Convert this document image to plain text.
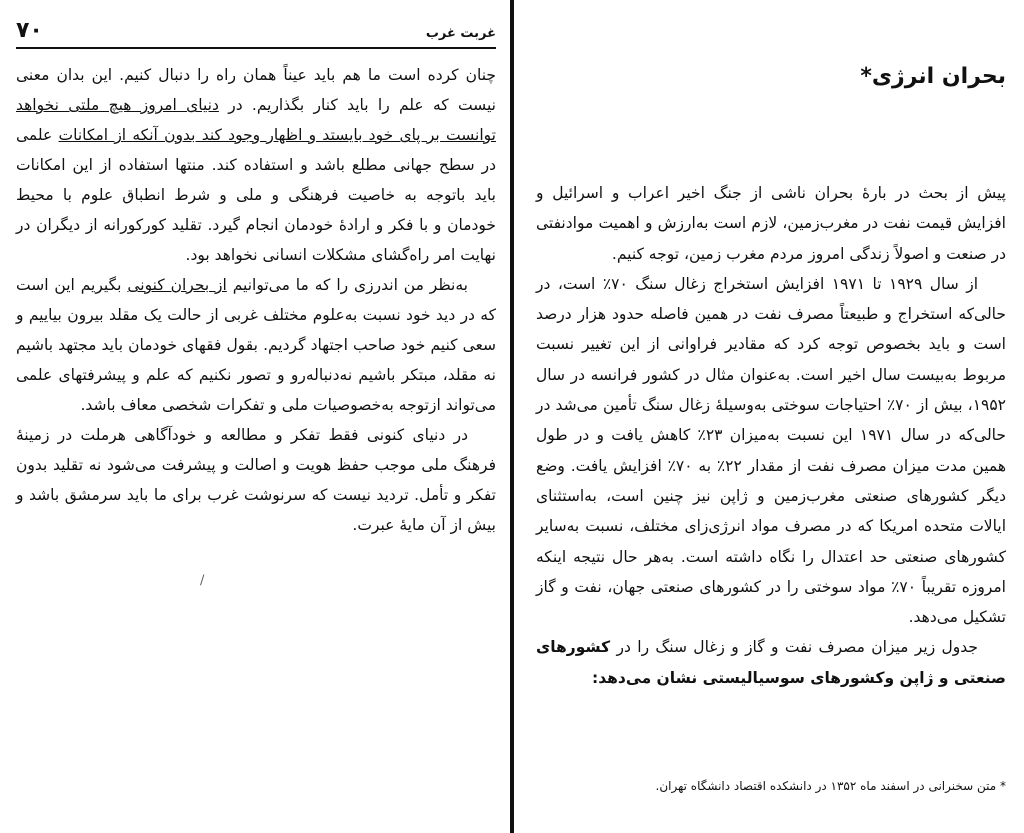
غربت غرب
۷۰

چنان کرده است ما هم باید عیناً همان راه را دنبال کنیم. این بدان معنی نیست که علم را باید کنار بگذاریم. در دنیای امروز هیچ ملتی نخواهد توانست بر پای خود بایستد و اظهار وجود کند بدون آنکه از امکانات علمی در سطح جهانی مطلع باشد و استفاده کند. منتها استفاده از این امکانات باید باتوجه به خاصیت فرهنگی و ملی و شرط انطباق علوم با محیط خودمان و با فکر و ارادهٔ خودمان انجام گیرد. تقلید کورکورانه از دیگران در نهایت امر راه‌گشای مشکلات انسانی نخواهد بود.

به‌نظر من اندرزی را که ما می‌توانیم از بحران کنونی بگیریم این است که در دید خود نسبت به‌علوم مختلف غربی از حالت یک مقلد بیرون بیاییم و سعی کنیم خود صاحب اجتهاد گردیم. بقول فقهای خودمان باید مجتهد باشیم نه مقلد، مبتکر باشیم نه‌دنباله‌رو و تصور نکنیم که علم و پیشرفتهای علمی می‌تواند ازتوجه به‌خصوصیات ملی و تفکرات شخصی معاف باشد.

در دنیای کنونی فقط تفکر و مطالعه و خودآگاهی هرملت در زمینهٔ فرهنگ ملی موجب حفظ هویت و اصالت و پیشرفت می‌شود نه تقلید بدون تفکر و تأمل. تردید نیست که سرنوشت غرب برای ما باید سرمشق باشد و بیش از آن مایهٔ عبرت.

/
بحران انرژی*

پیش از بحث در بارهٔ بحران ناشی از جنگ اخیر اعراب و اسرائیل و افزایش قیمت نفت در مغرب‌زمین، لازم است به‌ارزش و اهمیت موادنفتی در صنعت و اصولاً زندگی امروز مردم مغرب زمین، توجه کنیم.

از سال ۱۹۲۹ تا ۱۹۷۱ افزایش استخراج زغال سنگ ۷۰٪ است، در حالی‌که استخراج و طبیعتاً مصرف نفت در همین فاصله حدود هزار درصد است و باید بخصوص توجه کرد که مقادیر فراوانی از این تغییر نسبت مربوط به‌بیست سال اخیر است. به‌عنوان مثال در کشور فرانسه در سال ۱۹۵۲، بیش از ۷۰٪ احتیاجات سوختی به‌وسیلهٔ زغال سنگ تأمین می‌شد در حالی‌که در سال ۱۹۷۱ این نسبت به‌میزان ۲۳٪ کاهش یافت و در طول همین مدت میزان مصرف نفت از مقدار ۲۲٪ به ۷۰٪ افزایش یافت. وضع دیگر کشورهای صنعتی مغرب‌زمین و ژاپن نیز چنین است، به‌استثنای ایالات متحده امریکا که در مصرف مواد انرژی‌زای مختلف، نسبت به‌سایر کشورهای صنعتی حد اعتدال را نگاه داشته است. به‌هر حال نتیجه اینکه امروزه تقریباً ۷۰٪ مواد سوختی را در کشورهای صنعتی جهان، نفت و گاز تشکیل می‌دهد.

جدول زیر میزان مصرف نفت و گاز و زغال سنگ را در کشورهای صنعتی و ژاپن وکشورهای سوسیالیستی نشان می‌دهد:

* متن سخنرانی در اسفند ماه ۱۳۵۲ در دانشکده اقتصاد دانشگاه تهران.
